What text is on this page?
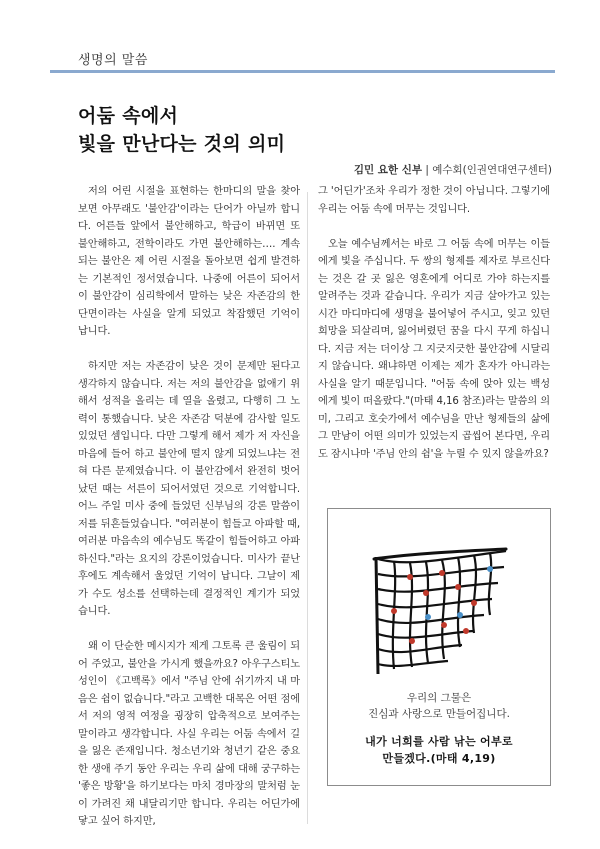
생명의 말씀
어둠 속에서
빛을 만난다는 것의 의미
김민 요한 신부 | 예수회(인권연대연구센터)

저의 어린 시절을 표현하는 한마디의 말을 찾아보면 아무래도 '불안감'이라는 단어가 아닐까 합니다. 어른들 앞에서 불안해하고, 학급이 바뀌면 또 불안해하고, 전학이라도 가면 불안해하는…. 계속되는 불안은 제 어린 시절을 돌아보면 쉽게 발견하는 기본적인 정서였습니다. 나중에 어른이 되어서 이 불안감이 심리학에서 말하는 낮은 자존감의 한 단면이라는 사실을 알게 되었고 착잡했던 기억이 납니다.

하지만 저는 자존감이 낮은 것이 문제만 된다고 생각하지 않습니다. 저는 저의 불안감을 없애기 위해서 성적을 올리는 데 열을 올렸고, 다행히 그 노력이 통했습니다. 낮은 자존감 덕분에 감사할 일도 있었던 셈입니다. 다만 그렇게 해서 제가 저 자신을 마음에 들어 하고 불안에 떨지 않게 되었느냐는 전혀 다른 문제였습니다. 이 불안감에서 완전히 벗어났던 때는 서른이 되어서였던 것으로 기억합니다. 어느 주일 미사 중에 들었던 신부님의 강론 말씀이 저를 뒤흔들었습니다. "여러분이 힘들고 아파할 때, 여러분 마음속의 예수님도 똑같이 힘들어하고 아파하신다."라는 요지의 강론이었습니다. 미사가 끝난 후에도 계속해서 울었던 기억이 납니다. 그날이 제가 수도 성소를 선택하는데 결정적인 계기가 되었습니다.

왜 이 단순한 메시지가 제게 그토록 큰 울림이 되어 주었고, 불안을 가시게 했을까요? 아우구스티노 성인이 《고백록》에서 "주님 안에 쉬기까지 내 마음은 쉼이 없습니다."라고 고백한 대목은 어떤 점에서 저의 영적 여정을 굉장히 압축적으로 보여주는 말이라고 생각합니다. 사실 우리는 어둠 속에서 길을 잃은 존재입니다. 청소년기와 청년기 같은 중요한 생애 주기 동안 우리는 우리 삶에 대해 궁구하는 '좋은 방황'을 하기보다는 마치 경마장의 말처럼 눈이 가려진 채 내달리기만 합니다. 우리는 어딘가에 닿고 싶어 하지만,

그 '어딘가'조차 우리가 정한 것이 아닙니다. 그렇기에 우리는 어둠 속에 머무는 것입니다.

오늘 예수님께서는 바로 그 어둠 속에 머무는 이들에게 빛을 주십니다. 두 쌍의 형제를 제자로 부르신다는 것은 갈 곳 잃은 영혼에게 어디로 가야 하는지를 알려주는 것과 같습니다. 우리가 지금 살아가고 있는 시간 마디마디에 생명을 불어넣어 주시고, 잊고 있던 희망을 되살리며, 잃어버렸던 꿈을 다시 꾸게 하십니다. 지금 저는 더이상 그 지긋지긋한 불안감에 시달리지 않습니다. 왜냐하면 이제는 제가 혼자가 아니라는 사실을 알기 때문입니다. "어둠 속에 앉아 있는 백성에게 빛이 떠올랐다."(마태 4,16 참조)라는 말씀의 의미, 그리고 호숫가에서 예수님을 만난 형제들의 삶에 그 만남이 어떤 의미가 있었는지 곱씹어 본다면, 우리도 잠시나마 '주님 안의 쉼'을 누릴 수 있지 않을까요?

우리의 그물은
진심과 사랑으로 만들어집니다.
내가 너희를 사람 낚는 어부로
만들겠다.(마태 4,19)
